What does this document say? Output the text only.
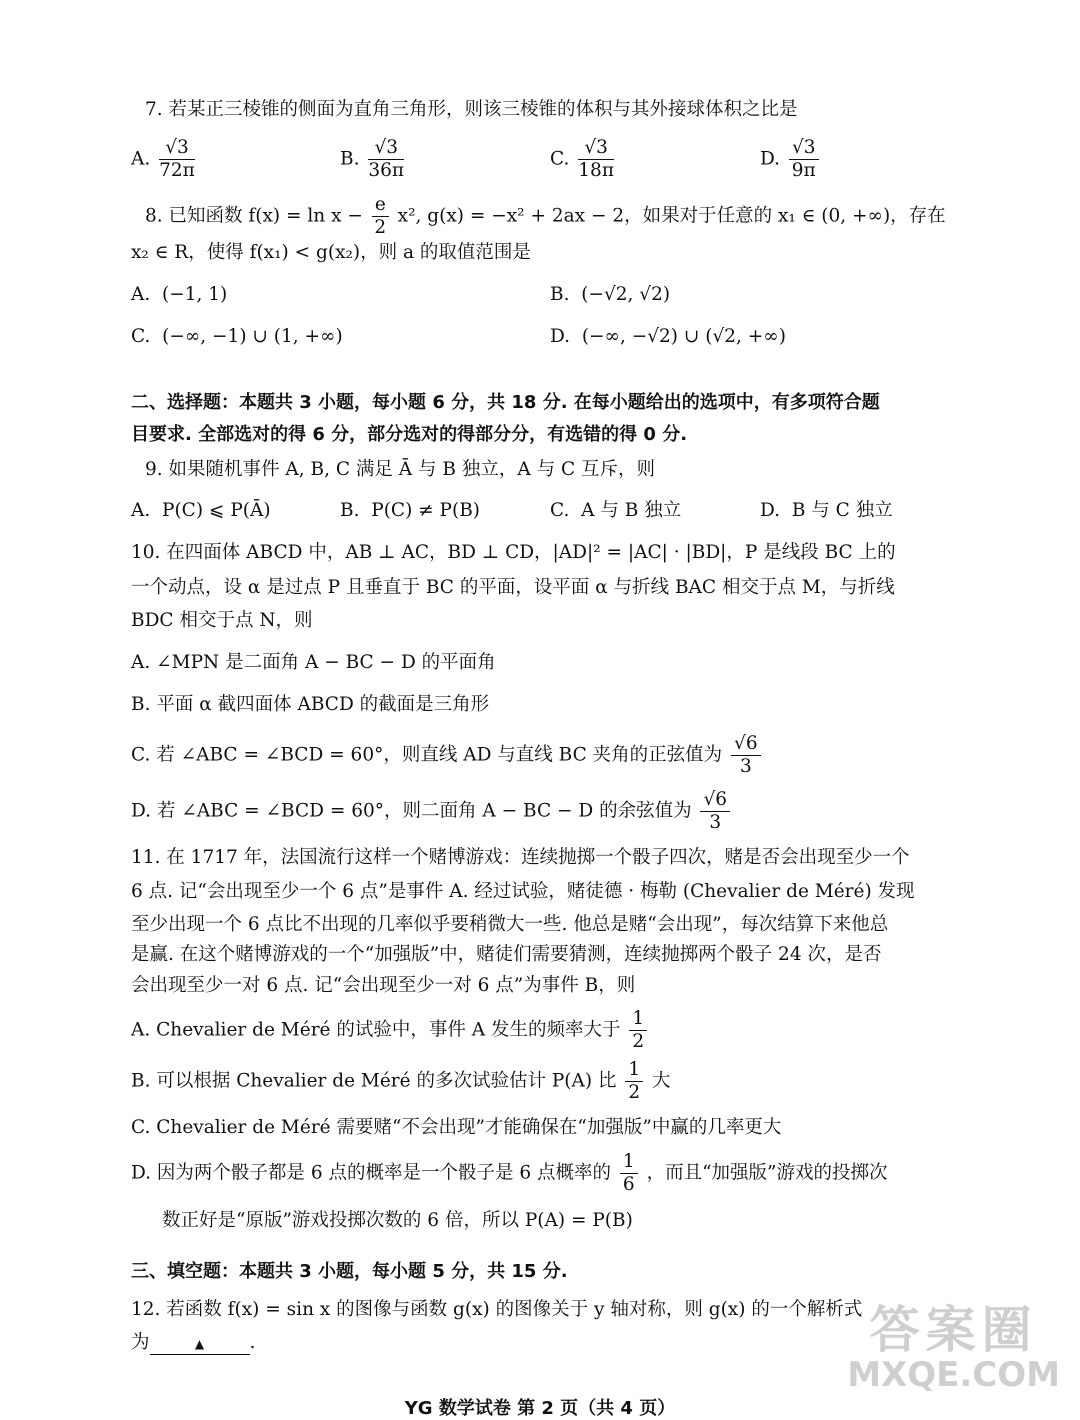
7. 若某正三棱锥的侧面为直角三角形，则该三棱锥的体积与其外接球体积之比是
A. $\frac{√3}{72\pi}$	B. $\frac{√3}{36\pi}$	C. $\frac{√3}{18\pi}$	D. $\frac{√3}{9\pi}$
8. 已知函数 $f(x) = \ln x - \frac{e}{2} x^2$, g(x) = −x² + 2ax − 2，如果对于任意的 x₁ ∈ (0, +∞)，存在
x₂ ∈ R，使得 f(x₁) < g(x₂)，则 a 的取值范围是
A. (−1, 1)	B. (−√2, √2)
C. (−∞, −1) ∪ (1, +∞)	D. (−∞, −√2) ∪ (√2, +∞)
二、选择题：本题共 3 小题，每小题 6 分，共 18 分. 在每小题给出的选项中，有多项符合题
目要求. 全部选对的得 6 分，部分选对的得部分分，有选错的得 0 分.
9. 如果随机事件 A, B, C 满足 Ā 与 B 独立，A 与 C 互斥，则
A. P(C) ⩽ P(Ā)	B. P(C) ≠ P(B)	C. A 与 B 独立	D. B 与 C 独立
10. 在四面体 ABCD 中，AB ⊥ AC，BD ⊥ CD，|AD|² = |AC| · |BD|，P 是线段 BC 上的
一个动点，设 α 是过点 P 且垂直于 BC 的平面，设平面 α 与折线 BAC 相交于点 M，与折线
BDC 相交于点 N，则
A. ∠MPN 是二面角 A − BC − D 的平面角
B. 平面 α 截四面体 ABCD 的截面是三角形
C. 若 ∠ABC = ∠BCD = 60°，则直线 AD 与直线 BC 夹角的正弦值为 $\frac{√6}{3}$
D. 若 ∠ABC = ∠BCD = 60°，则二面角 A − BC − D 的余弦值为 $\frac{√6}{3}$
11. 在 1717 年，法国流行这样一个赌博游戏：连续抛掷一个骰子四次，赌是否会出现至少一个
6 点. 记“会出现至少一个 6 点”是事件 A. 经过试验，赌徒德 · 梅勒 (Chevalier de Méré) 发现
至少出现一个 6 点比不出现的几率似乎要稍微大一些. 他总是赌“会出现”，每次结算下来他总
是赢. 在这个赌博游戏的一个“加强版”中，赌徒们需要猜测，连续抛掷两个骰子 24 次，是否
会出现至少一对 6 点. 记“会出现至少一对 6 点”为事件 B，则
A. Chevalier de Méré 的试验中，事件 A 发生的频率大于 $\frac{1}{2}$
B. 可以根据 Chevalier de Méré 的多次试验估计 P(A) 比 $\frac{1}{2}$ 大
C. Chevalier de Méré 需要赌“不会出现”才能确保在“加强版”中赢的几率更大
D. 因为两个骰子都是 6 点的概率是一个骰子是 6 点概率的 $\frac{1}{6}$ ，而且“加强版”游戏的投掷次
数正好是“原版”游戏投掷次数的 6 倍，所以 P(A) = P(B)
三、填空题：本题共 3 小题，每小题 5 分，共 15 分.
12. 若函数 f(x) = sin x 的图像与函数 g(x) 的图像关于 y 轴对称，则 g(x) 的一个解析式
为	▲ .
YG 数学试卷 第 2 页（共 4 页）
答案圈
MXQE.COM
